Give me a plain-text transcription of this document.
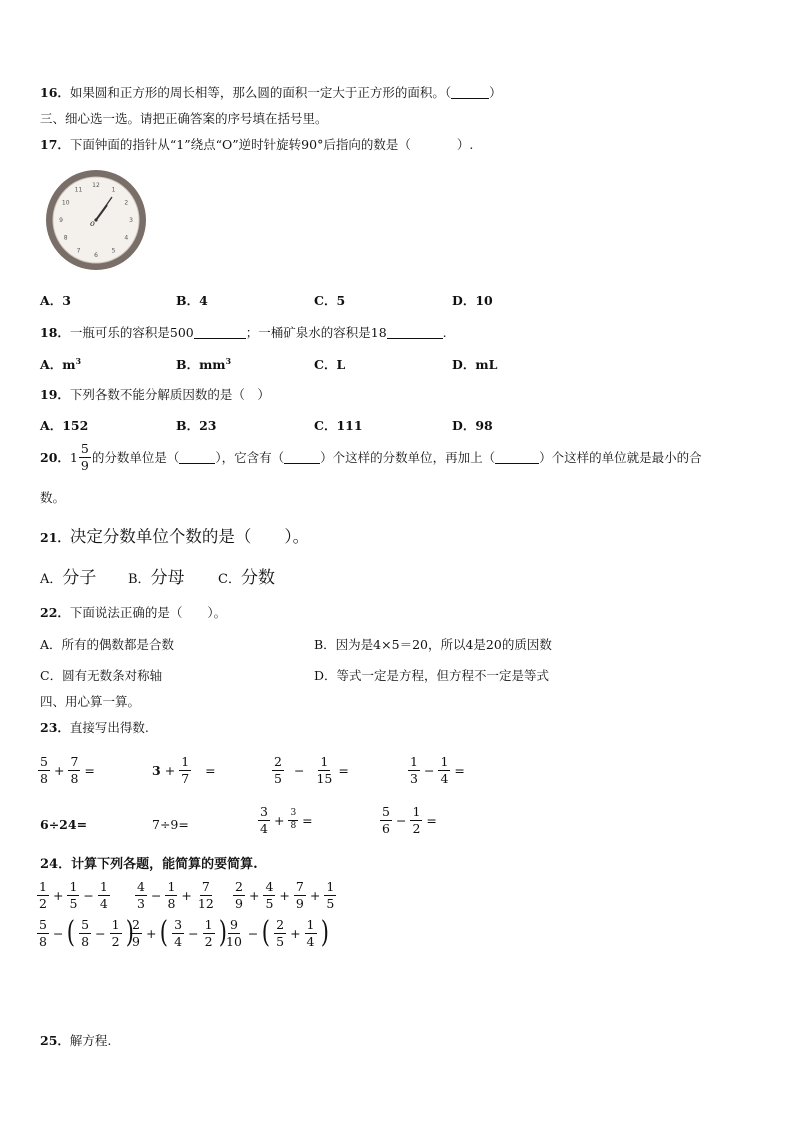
16．如果圆和正方形的周长相等，那么圆的面积一定大于正方形的面积。（	）
三、细心选一选。请把正确答案的序号填在括号里。
17．下面钟面的指针从“1”绕点“O”逆时针旋转90°后指向的数是（	）.
12
1
2
3
4
5
6
7
8
9
10
11
o
A．3	B．4	C．5	D．10
18．一瓶可乐的容积是500	；一桶矿泉水的容积是18	.
A．$m^3$	B．$mm^3$	C．L	D．mL
19．下列各数不能分解质因数的是（　）
A．152	B．23	C．111	D．98
20． $1 \frac{5}{9}$ 的分数单位是（	），它含有（	）个这样的分数单位，再加上（	）个这样的单位就是最小的合
数。
21．决定分数单位个数的是（　　）。
A．分子 B．分母	C．分数
22．下面说法正确的是（　　）。
A．所有的偶数都是合数	B．因为是4×5＝20，所以4是20的质因数
C．圆有无数条对称轴	D．等式一定是方程，但方程不一定是等式
四、用心算一算。
23．直接写出得数.
$\frac{5}{8} + \frac{7}{8}$ =	$3 + \frac{1}{7}$ =	$\frac{2}{5} - \frac{1}{15}$ =	$\frac{1}{3} - \frac{1}{4}$ =
6÷24=	7÷9=	$\frac{3}{4} + \frac{3}{8}$ =	$\frac{5}{6} - \frac{1}{2}$ =
24．计算下列各题，能简算的要简算.
$\frac{1}{2} + \frac{1}{5} - \frac{1}{4} \frac{4}{3} - \frac{1}{8} + \frac{7}{12} \frac{2}{9} + \frac{4}{5} + \frac{7}{9} + \frac{1}{5}$
$\frac{5}{8}$ − ( $\frac{5}{8} - \frac{1}{2}$ )
$\frac{2}{9}$ + ( $\frac{3}{4} - \frac{1}{2}$ )
$\frac{9}{10}$ − ( $\frac{2}{5} + \frac{1}{4}$ )
25．解方程.
